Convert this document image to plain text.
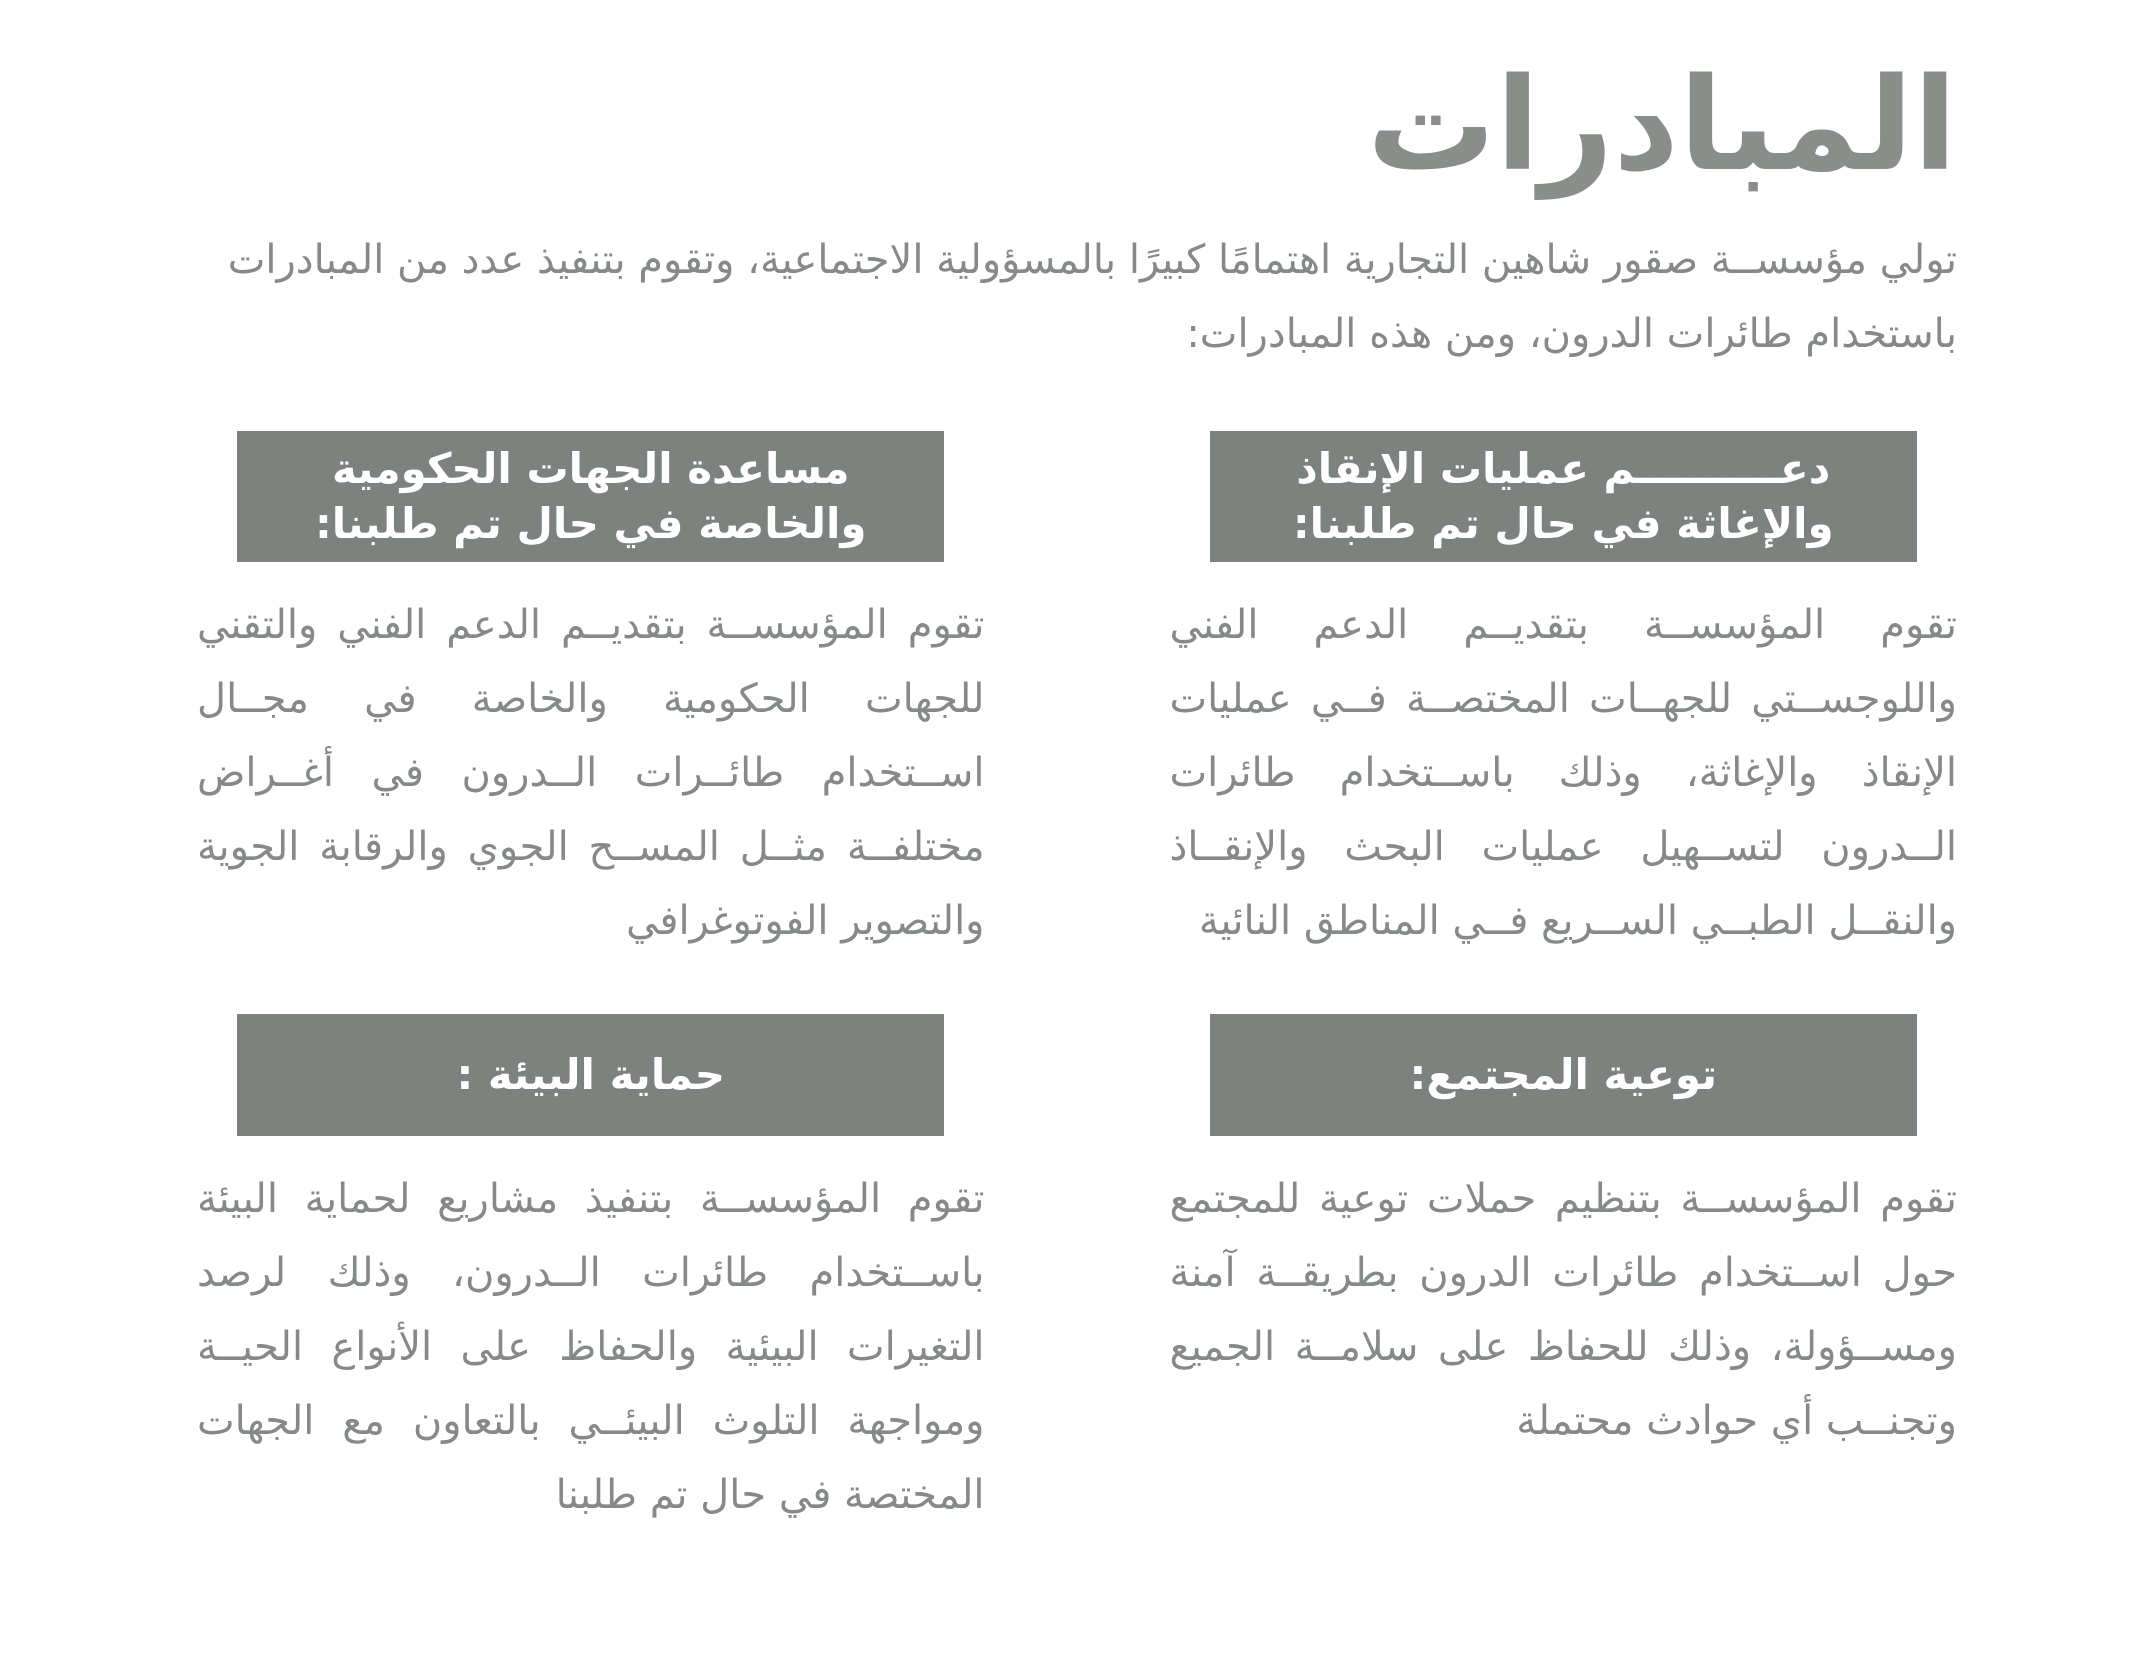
المبادرات

تولي مؤسســة صقور شاهين التجارية اهتمامًا كبيرًا بالمسؤولية الاجتماعية، وتقوم بتنفيذ عدد من المبادرات باستخدام طائرات الدرون، ومن هذه المبادرات:

دعــــــــــم عمليات الإنقاذ والإغاثة في حال تم طلبنا:

تقوم المؤسســة بتقديــم الدعم الفني واللوجســتي للجهــات المختصــة فــي عمليات الإنقاذ والإغاثة، وذلك باســتخدام طائرات الــدرون لتســهيل عمليات البحث والإنقــاذ والنقــل الطبــي الســريع فــي المناطق النائية

مساعدة الجهات الحكومية والخاصة في حال تم طلبنا:

تقوم المؤسســة بتقديــم الدعم الفني والتقني للجهات الحكومية والخاصة في مجــال اســتخدام طائــرات الــدرون في أغــراض مختلفــة مثــل المســح الجوي والرقابة الجوية والتصوير الفوتوغرافي

توعية المجتمع:

تقوم المؤسســة بتنظيم حملات توعية للمجتمع حول اســتخدام طائرات الدرون بطريقــة آمنة ومســؤولة، وذلك للحفاظ على سلامــة الجميع وتجنــب أي حوادث محتملة

حماية البيئة :

تقوم المؤسســة بتنفيذ مشاريع لحماية البيئة باســتخدام طائرات الــدرون، وذلك لرصد التغيرات البيئية والحفاظ على الأنواع الحيــة ومواجهة التلوث البيئــي بالتعاون مع الجهات المختصة في حال تم طلبنا
